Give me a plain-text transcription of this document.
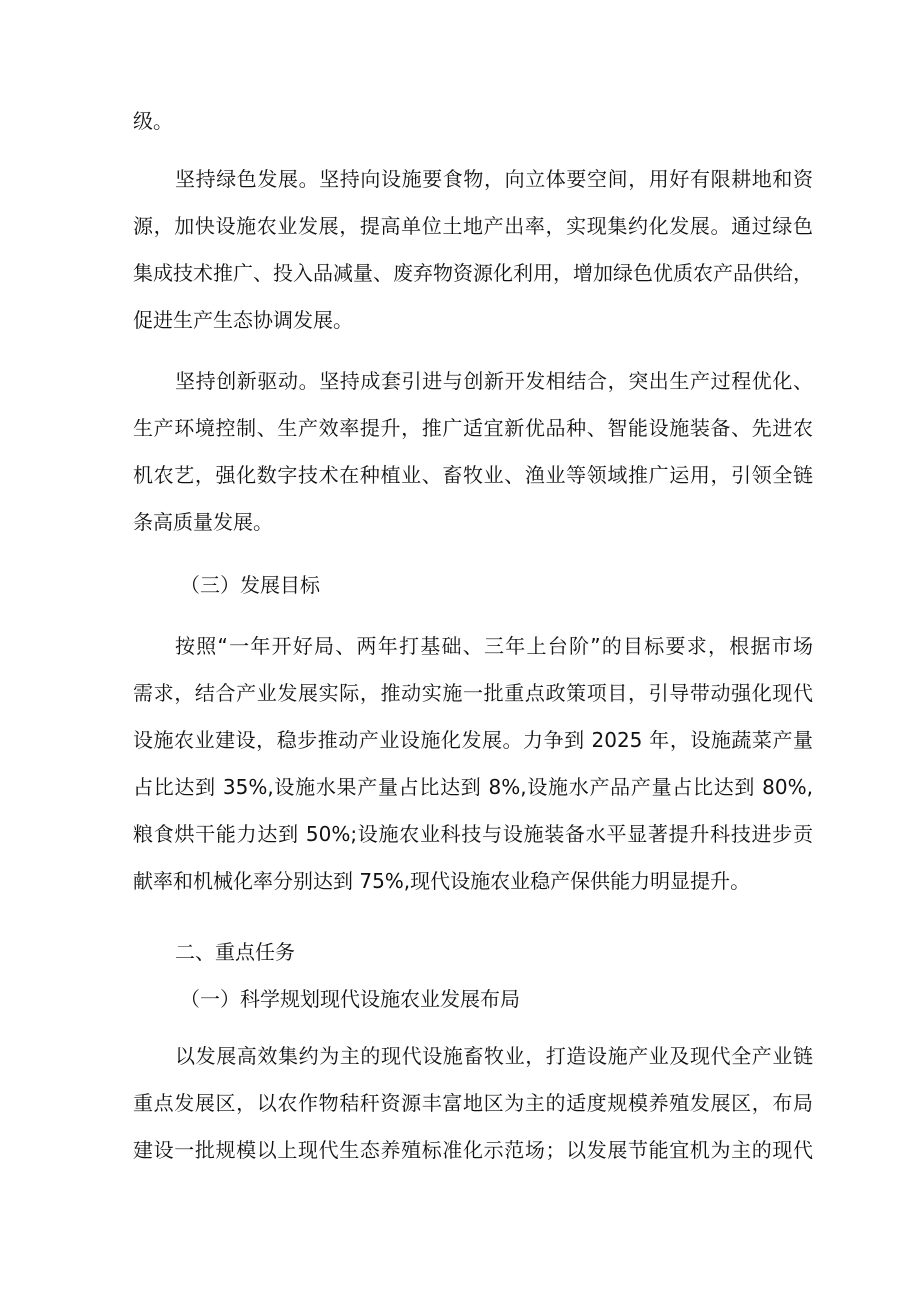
级。

坚持绿色发展。坚持向设施要食物，向立体要空间，用好有限耕地和资

源，加快设施农业发展，提高单位土地产出率，实现集约化发展。通过绿色

集成技术推广、投入品减量、废弃物资源化利用，增加绿色优质农产品供给，

促进生产生态协调发展。

坚持创新驱动。坚持成套引进与创新开发相结合，突出生产过程优化、

生产环境控制、生产效率提升，推广适宜新优品种、智能设施装备、先进农

机农艺，强化数字技术在种植业、畜牧业、渔业等领域推广运用，引领全链

条高质量发展。

（三）发展目标

按照“一年开好局、两年打基础、三年上台阶”的目标要求，根据市场

需求，结合产业发展实际，推动实施一批重点政策项目，引导带动强化现代

设施农业建设，稳步推动产业设施化发展。力争到 2025 年，设施蔬菜产量

占比达到 35%,设施水果产量占比达到 8%,设施水产品产量占比达到 80%,

粮食烘干能力达到 50%;设施农业科技与设施装备水平显著提升科技进步贡

献率和机械化率分别达到 75%,现代设施农业稳产保供能力明显提升。

二、重点任务

（一）科学规划现代设施农业发展布局

以发展高效集约为主的现代设施畜牧业，打造设施产业及现代全产业链

重点发展区，以农作物秸秆资源丰富地区为主的适度规模养殖发展区，布局

建设一批规模以上现代生态养殖标准化示范场；以发展节能宜机为主的现代
